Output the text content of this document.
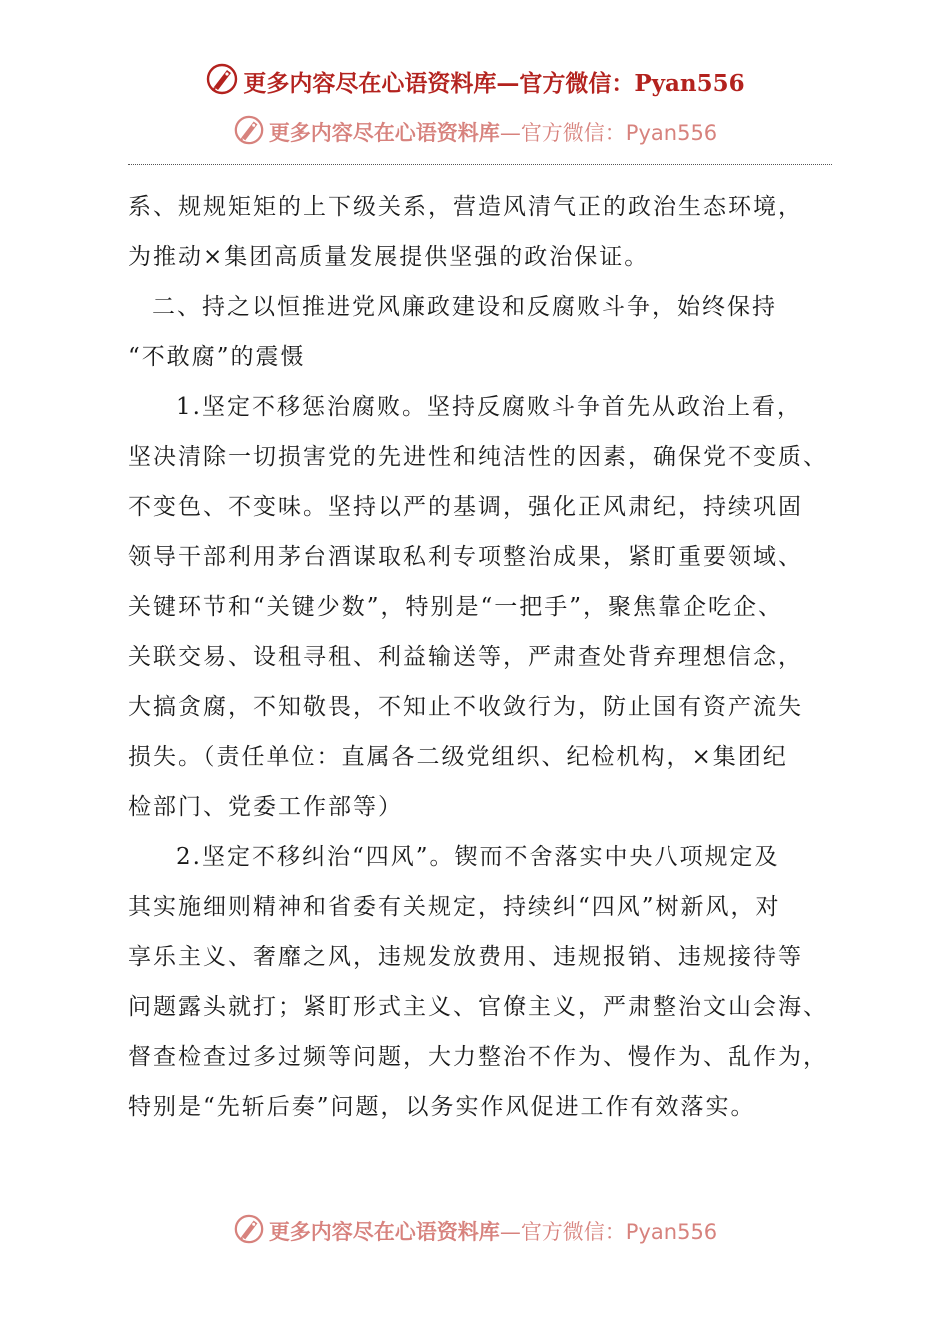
更多内容尽在心语资料库 —官方微信：Pyan556
更多内容尽在心语资料库 —官方微信：Pyan556
系、规规矩矩的上下级关系，营造风清气正的政治生态环境，
为推动×集团高质量发展提供坚强的政治保证。
二、持之以恒推进党风廉政建设和反腐败斗争，始终保持
“不敢腐”的震慑
1.坚定不移惩治腐败。坚持反腐败斗争首先从政治上看，
坚决清除一切损害党的先进性和纯洁性的因素，确保党不变质、
不变色、不变味。坚持以严的基调，强化正风肃纪，持续巩固
领导干部利用茅台酒谋取私利专项整治成果，紧盯重要领域、
关键环节和“关键少数”，特别是“一把手”，聚焦靠企吃企、
关联交易、设租寻租、利益输送等，严肃查处背弃理想信念，
大搞贪腐，不知敬畏，不知止不收敛行为，防止国有资产流失
损失。（责任单位：直属各二级党组织、纪检机构，×集团纪
检部门、党委工作部等）
2.坚定不移纠治“四风”。锲而不舍落实中央八项规定及
其实施细则精神和省委有关规定，持续纠“四风”树新风，对
享乐主义、奢靡之风，违规发放费用、违规报销、违规接待等
问题露头就打；紧盯形式主义、官僚主义，严肃整治文山会海、
督查检查过多过频等问题，大力整治不作为、慢作为、乱作为，
特别是“先斩后奏”问题，以务实作风促进工作有效落实。
更多内容尽在心语资料库 —官方微信：Pyan556
